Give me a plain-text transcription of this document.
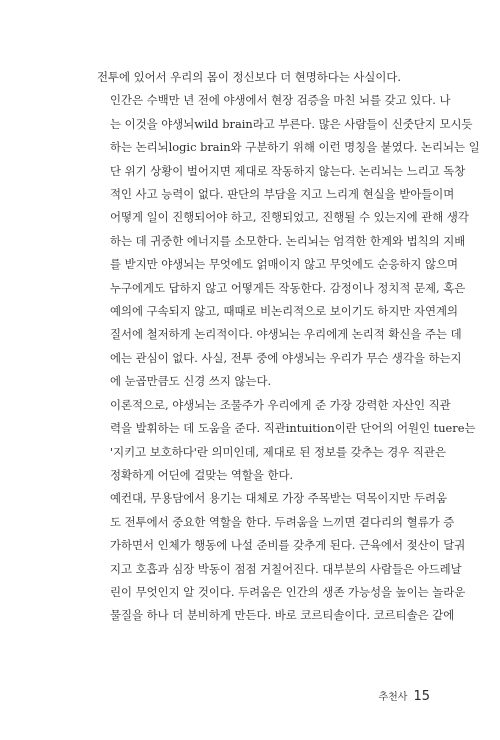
전투에 있어서 우리의 몸이 정신보다 더 현명하다는 사실이다.

인간은 수백만 년 전에 야생에서 현장 검증을 마친 뇌를 갖고 있다. 나
는 이것을 야생뇌wild brain라고 부른다. 많은 사람들이 신줏단지 모시듯
하는 논리뇌logic brain와 구분하기 위해 이런 명칭을 붙였다. 논리뇌는 일
단 위기 상황이 벌어지면 제대로 작동하지 않는다. 논리뇌는 느리고 독창
적인 사고 능력이 없다. 판단의 부담을 지고 느리게 현실을 받아들이며
어떻게 일이 진행되어야 하고, 진행되었고, 진행될 수 있는지에 관해 생각
하는 데 귀중한 에너지를 소모한다. 논리뇌는 엄격한 한계와 법칙의 지배
를 받지만 야생뇌는 무엇에도 얽매이지 않고 무엇에도 순응하지 않으며
누구에게도 답하지 않고 어떻게든 작동한다. 감정이나 정치적 문제, 혹은
예의에 구속되지 않고, 때때로 비논리적으로 보이기도 하지만 자연계의
질서에 철저하게 논리적이다. 야생뇌는 우리에게 논리적 확신을 주는 데
에는 관심이 없다. 사실, 전투 중에 야생뇌는 우리가 무슨 생각을 하는지
에 눈곱만큼도 신경 쓰지 않는다.

이론적으로, 야생뇌는 조물주가 우리에게 준 가장 강력한 자산인 직관
력을 발휘하는 데 도움을 준다. 직관intuition이란 단어의 어원인 tuere는
'지키고 보호하다'란 의미인데, 제대로 된 정보를 갖추는 경우 직관은
정확하게 어딘에 걸맞는 역할을 한다.

예컨대, 무용담에서 용기는 대체로 가장 주목받는 덕목이지만 두려움
도 전투에서 중요한 역할을 한다. 두려움을 느끼면 곁다리의 혈류가 증
가하면서 인체가 행동에 나설 준비를 갖추게 된다. 근육에서 젖산이 달궈
지고 호흡과 심장 박동이 점점 거칠어진다. 대부분의 사람들은 아드레날
린이 무엇인지 알 것이다. 두려움은 인간의 생존 가능성을 높이는 놀라운
물질을 하나 더 분비하게 만든다. 바로 코르티솔이다. 코르티솔은 같에

추천사 15
